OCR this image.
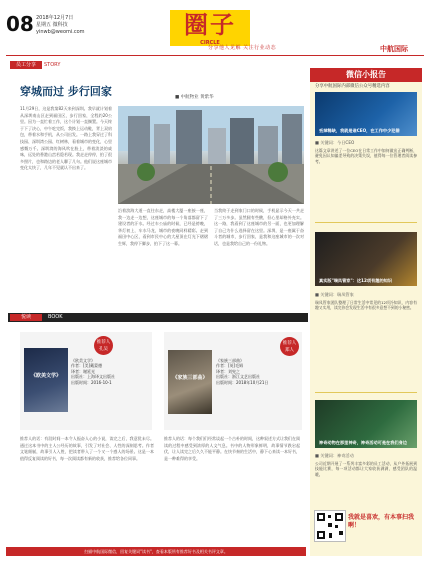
08 2018年12月7日
星期五 微科技
yinwb@weomi.com	圈子
CIRCLE
分享他人见解 关注行业动态	中航国际
员工分享	STORY
穿城而过 步行回家	■ 中航物业 黄紫华
11月29日，这是我第82天来到深圳。我早就计划着从深圳南山区走到福田区，步行回家，全程约20公里。因为一直忙着工作，这个计划一直搁置。今天终于下了决心，中午吃完饭，我换上运动鞋，背上双肩包，带着水和手机，从公司出发。一路上我穿过了科技园、深圳湾公园、红树林，看着城市的变化，心里感慨万千。深圳湾的海风吹在脸上，带着淡淡的咸味，远处的香港山峦若隐若现。我走走停停，拍了很多照片，也和路边的老人聊了几句。他们说这座城市变化太快了，几年不见就认不出来了。
沿着滨海大道一直往东走，高楼大厦一座接一座，我一边走一边想，这座城市的每一个角落都留下了建设者的汗水。经过车公庙的时候，已经是傍晚，华灯初上，车水马龙，城市的夜晚同样精彩。走到福田中心区，看到市民中心的大屋顶在灯光下熠熠生辉，我停下脚步，拍下了这一幕。
当我终于走到家门口的时候，手机显示今天一共走了三万多步。虽然腿有些酸，但心里却格外充实。这一路，我看到了这座城市的另一面，也更加理解了自己为什么选择留在这里。深圳，是一座属于奋斗者的城市，步行回家，是我和这座城市的一次对话，也是我给自己的一份礼物。
悦读	BOOK
《欧美文学》	《家族三部曲》
推荐人 孔吴
推荐人 郑人
《欧美文学》
作者：[美]戴蒙德
译者：谢延光
出版社：上海译文出版社
出版时间：2016-10-1
《家族三部曲》
作者：[英]毛姆
译者：刘宪之
出版社：浙江文艺出版社
出版时间：2018年10月21日
推荐人的话：有段时间一本令人振奋人心的小说，读完之后，我意犹未尽。通过这本书中的主人公经历的故事，引发了对社会、人性的深刻思考。作者文笔细腻，故事引人入胜，把读者带入了一个又一个感人的场景。这是一本值得反复阅读的好书，每一次阅读都有新的收获，推荐给各位同事。
推荐人的话：每个我们们经常谈起一个古朴的时间，这种叙述方式让我们在阅读的过程中感受到浓厚的人文气息。书中的人物形象鲜明，故事情节跌宕起伏，让人读完之后久久不能平静。在快节奏的生活中，静下心来读一本好书，是一种难得的享受。
扫描中航国际微信，回复关键词"读书"，查看本版所有推荐好书及相关书评文章。
微信小报告
分享中航国际内部微信公众号精选内容
丢掉稀缺，我就是谁CEO，在工作中少犯错
■ 关键词：今日CEO
这篇文章讲述了一位CEO在日常工作中如何做出正确判断，避免因认知偏差导致的决策失误，值得每一位管理者阅读参考。
真实版"瑞凤管家"：这12项有趣的知识
■ 关键词：瑞凤管家
瑞凤管家团队整理了日常生活中常见的12项冷知识，内容有趣又实用，读完你会发现生活中有很多意想不到的小秘密。
神奇动物在那里神奇，神奇活动可是在我们身边
■ 关键词：神奇活动
公司近期开展了一系列丰富多彩的员工活动，从户外拓展到技能比赛，每一项活动都让大家收获满满，感受团队的温暖。
我就是喜欢，有本事扫我啊！
